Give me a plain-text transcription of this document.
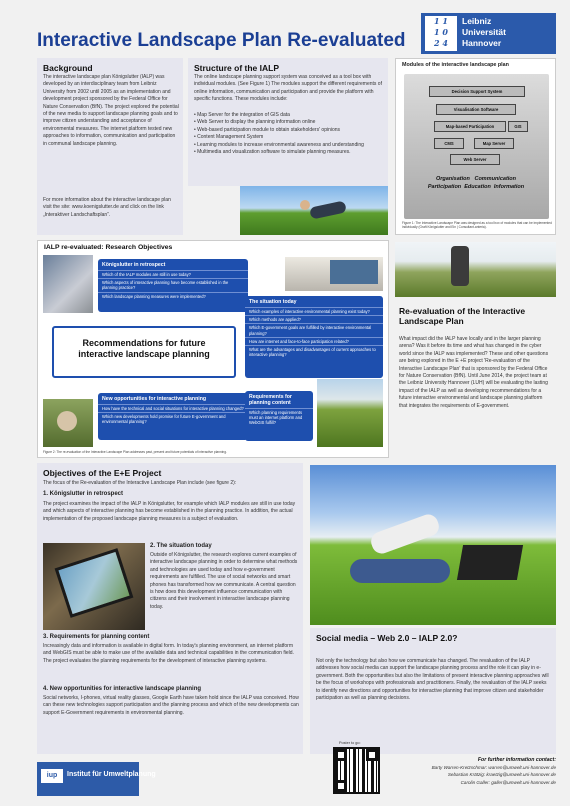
Interactive Landscape Plan Re-evaluated
1 1
1 0
2 4
Leibniz
Universität
Hannover
Background
The interactive landscape plan Königslutter (IALP) was developed by an interdisciplinary team from Leibniz University from 2002 until 2005 as an implementation and development project sponsored by the Federal Office for Nature Conservation (BfN). The project explored the potential of the new media to support landscape planning goals and to improve citizen understanding and acceptance of environmental measures. The internet platform tested new approaches to information, communication and participation in communal landscape planning.
For more information about the interactive landscape plan visit the site: www.koenigslutter.de and click on the link „Interaktiver Landschaftsplan“.
Structure of the IALP
The online landscape planning support system was conceived as a tool box with individual modules. (See Figure 1) The modules support the different requirements of online information, communication and participation and provide the platform with specific functions. These modules include:
• Map Server for the integration of GIS data
• Web Server to display the planning information online
• Web-based participation module to obtain stakeholders' opinions
• Content Management System
• Learning modules to increase environmental awareness and understanding
• Multimedia and visualization software to simulate planning measures.
Modules of the interactive landscape plan
Decision Support System
Visualisation Software
Map-based Participation	GIS
CMS	Map Server
Web Server
Organisation Communication
Participation Education Information
Figure 1: The Interactive Landscape Plan was designed as a tool box of modules that can be implemented individually (Graft Königslutter and Ein | Consultant-anteria).
IALP re-evaluated: Research Objectives
Königslutter in retrospect
Which of the IALP modules are still in use today?
Which aspects of interactive planning have become established in the planning practice?
Which landscape planning measures were implemented?
Recommendations for future interactive landscape planning
The situation today
Which examples of interactive environmental planning exist today?
Which methods are applied?
Which E-government goals are fulfilled by interactive environmental planning?
How are internet and face-to-face participation related?
What are the advantages and disadvantages of current approaches to interactive planning?
New opportunities for interactive planning
How have the technical and social situations for interactive planning changed?
Which new developments hold promise for future E-government and environmental planning?
Requirements for planning content
Which planning requirements must an internet platform and WebGIS fulfill?
Figure 2: The re-evaluation of the Interactive Landscape Plan addresses past, present and future potentials of interactive planning.
Re-evaluation of the Interactive Landscape Plan
What impact did the IALP have locally and in the larger planning arena? Was it before its time and what has changed in the cyber world since the IALP was implemented? These and other questions are being explored in the E +E project 'Re-evaluation of the Interactive Landscape Plan' that is sponsored by the Federal Office for Nature Conservation (BfN). Until June 2014, the project team at the Leibniz University Hannover (LUH) will be evaluating the lasting impact of the IALP as well as developing recommendations for a future interactive environmental and landscape planning platform that integrates the requirements of E-government.
Objectives of the E+E Project
The focus of the Re-evaluation of the Interactive Landscape Plan include (see figure 2):
1. Königslutter in retrospect
The project examines the impact of the IALP in Königslutter, for example which IALP modules are still in use today and which aspects of interactive planning has become established in the planning practice. In addition, the actual implementation of the proposed landscape planning measures is a subject of evaluation.
2. The situation today
Outside of Königslutter, the research explores current examples of interactive landscape planning in order to determine what methods and technologies are used today and how e-government requirements are fulfilled. The use of social networks and smart phones has transformed how we communicate. A central question is how does this development influence communication with citizens and their involvement in interactive landscape planning today.
3. Requirements for planning content
Increasingly data and information is available in digital form. In today's planning environment, an internet platform and WebGIS must be able to make use of the available data and technical capabilities in the communication field. The project evaluates the planning requirements for the development of interactive planning systems.
4. New opportunities for interactive landscape planning
Social networks, I-phones, virtual reality glasses, Google Earth have taken hold since the IALP was conceived. How can these new technologies support participation and the planning process and which of the new developments can support E-Government requirements in environmental planning.
Social media – Web 2.0 – IALP 2.0?
Not only the technology but also how we communicate has changed. The revaluation of the IALP addresses how social media can support the landscape planning process and the role it can play in e-government. Both the opportunities but also the limitations of present interactive planning approaches will be the focus of workshops with professionals and practitioners. Finally, the revaluation of the IALP seeks to identify new directions and opportunities for interactive planning that improve citizen and stakeholder participation as well as planning decisions.
iup	Institut für Umweltplanung
Poster to go:
For further information contact:
Barty Warren-Kretzschmar: warren@umwelt.uni-hannover.de
Sebastian Krätzig: kraetzig@umwelt.uni-hannover.de
Carolin Galler: galler@umwelt.uni-hannover.de
